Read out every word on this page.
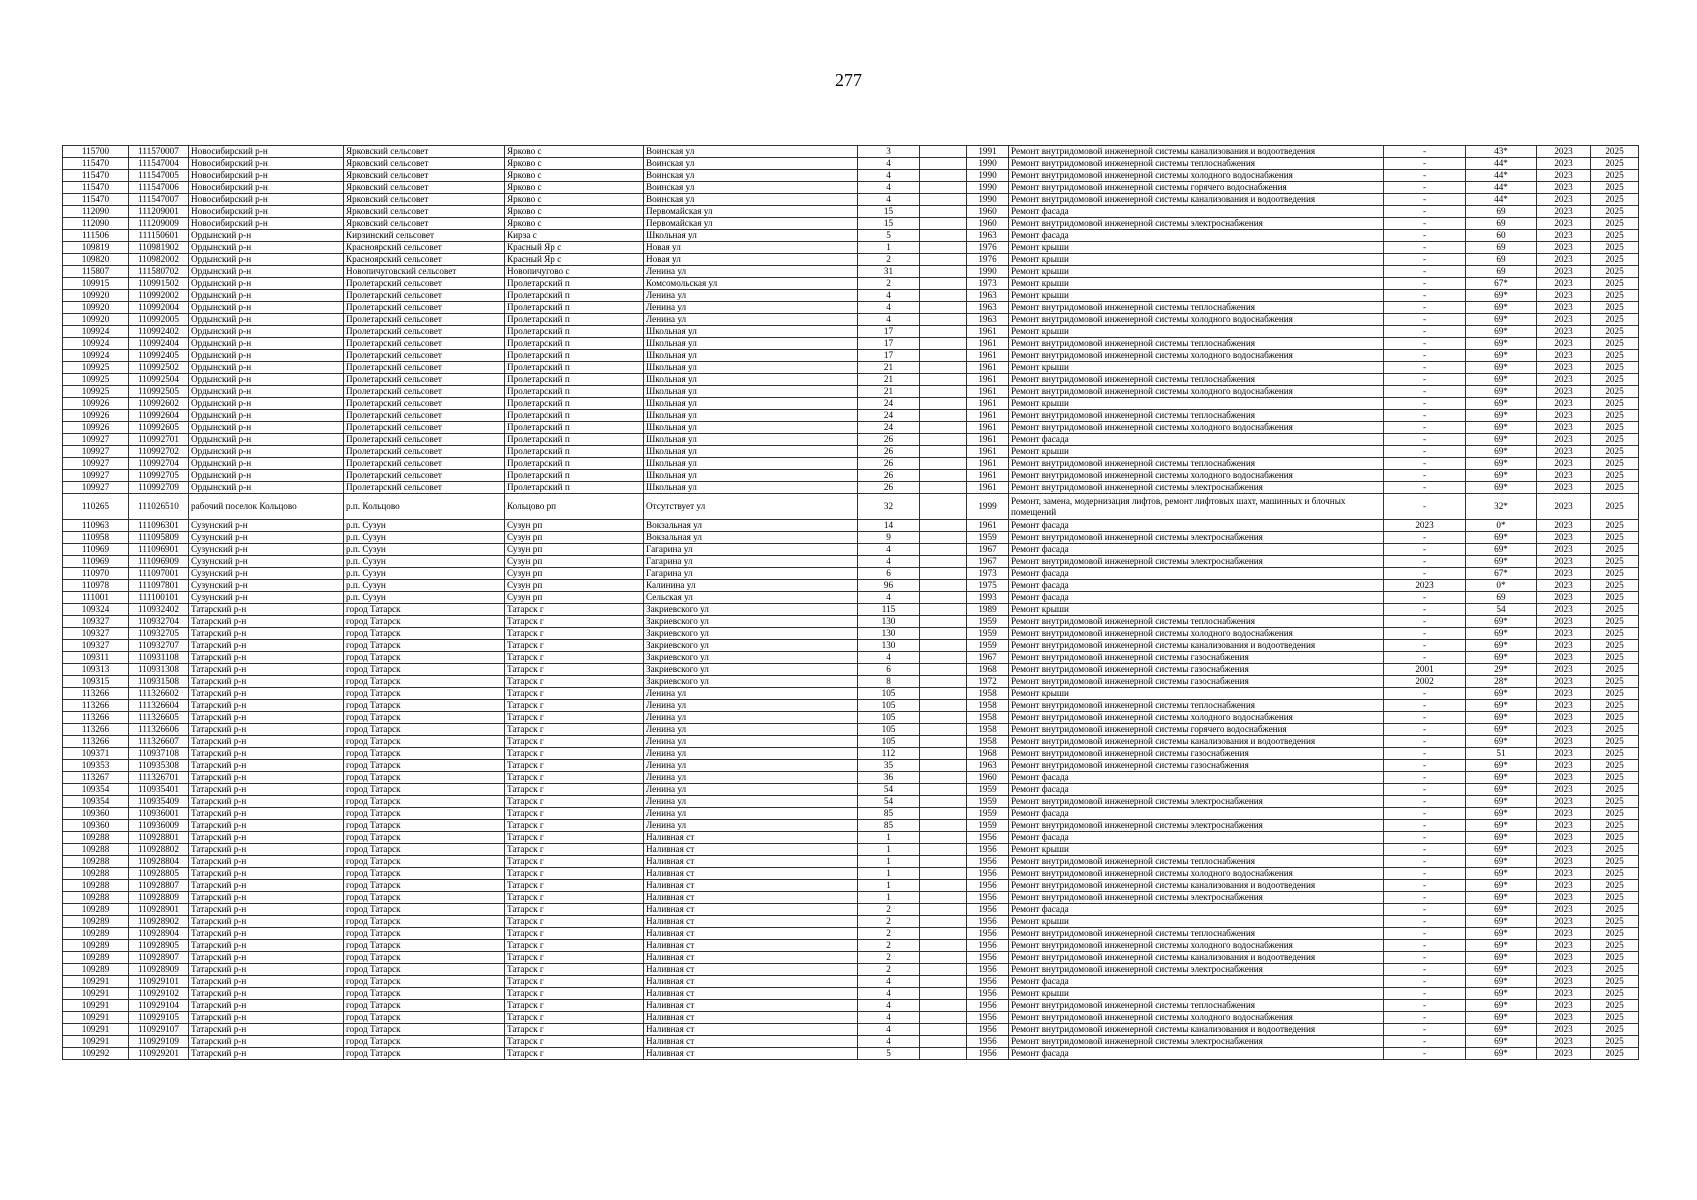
277
115700	111570007	Новосибирский р-н	Ярковский сельсовет	Ярково с	Воинская ул	3		1991	Ремонт внутридомовой инженерной системы канализования и водоотведения	-	43*	2023	2025
115470	111547004	Новосибирский р-н	Ярковский сельсовет	Ярково с	Воинская ул	4		1990	Ремонт внутридомовой инженерной системы теплоснабжения	-	44*	2023	2025
115470	111547005	Новосибирский р-н	Ярковский сельсовет	Ярково с	Воинская ул	4		1990	Ремонт внутридомовой инженерной системы холодного водоснабжения	-	44*	2023	2025
115470	111547006	Новосибирский р-н	Ярковский сельсовет	Ярково с	Воинская ул	4		1990	Ремонт внутридомовой инженерной системы горячего водоснабжения	-	44*	2023	2025
115470	111547007	Новосибирский р-н	Ярковский сельсовет	Ярково с	Воинская ул	4		1990	Ремонт внутридомовой инженерной системы канализования и водоотведения	-	44*	2023	2025
112090	111209001	Новосибирский р-н	Ярковский сельсовет	Ярково с	Первомайская ул	15		1960	Ремонт фасада	-	69	2023	2025
112090	111209009	Новосибирский р-н	Ярковский сельсовет	Ярково с	Первомайская ул	15		1960	Ремонт внутридомовой инженерной системы электроснабжения	-	69	2023	2025
111506	111150601	Ордынский р-н	Кирзинский сельсовет	Кирза с	Школьная ул	5		1963	Ремонт фасада	-	60	2023	2025
109819	110981902	Ордынский р-н	Красноярский сельсовет	Красный Яр с	Новая ул	1		1976	Ремонт крыши	-	69	2023	2025
109820	110982002	Ордынский р-н	Красноярский сельсовет	Красный Яр с	Новая ул	2		1976	Ремонт крыши	-	69	2023	2025
115807	111580702	Ордынский р-н	Новопичуговский сельсовет	Новопичугово с	Ленина ул	31		1990	Ремонт крыши	-	69	2023	2025
109915	110991502	Ордынский р-н	Пролетарский сельсовет	Пролетарский п	Комсомольская ул	2		1973	Ремонт крыши	-	67*	2023	2025
109920	110992002	Ордынский р-н	Пролетарский сельсовет	Пролетарский п	Ленина ул	4		1963	Ремонт крыши	-	69*	2023	2025
109920	110992004	Ордынский р-н	Пролетарский сельсовет	Пролетарский п	Ленина ул	4		1963	Ремонт внутридомовой инженерной системы теплоснабжения	-	69*	2023	2025
109920	110992005	Ордынский р-н	Пролетарский сельсовет	Пролетарский п	Ленина ул	4		1963	Ремонт внутридомовой инженерной системы холодного водоснабжения	-	69*	2023	2025
109924	110992402	Ордынский р-н	Пролетарский сельсовет	Пролетарский п	Школьная ул	17		1961	Ремонт крыши	-	69*	2023	2025
109924	110992404	Ордынский р-н	Пролетарский сельсовет	Пролетарский п	Школьная ул	17		1961	Ремонт внутридомовой инженерной системы теплоснабжения	-	69*	2023	2025
109924	110992405	Ордынский р-н	Пролетарский сельсовет	Пролетарский п	Школьная ул	17		1961	Ремонт внутридомовой инженерной системы холодного водоснабжения	-	69*	2023	2025
109925	110992502	Ордынский р-н	Пролетарский сельсовет	Пролетарский п	Школьная ул	21		1961	Ремонт крыши	-	69*	2023	2025
109925	110992504	Ордынский р-н	Пролетарский сельсовет	Пролетарский п	Школьная ул	21		1961	Ремонт внутридомовой инженерной системы теплоснабжения	-	69*	2023	2025
109925	110992505	Ордынский р-н	Пролетарский сельсовет	Пролетарский п	Школьная ул	21		1961	Ремонт внутридомовой инженерной системы холодного водоснабжения	-	69*	2023	2025
109926	110992602	Ордынский р-н	Пролетарский сельсовет	Пролетарский п	Школьная ул	24		1961	Ремонт крыши	-	69*	2023	2025
109926	110992604	Ордынский р-н	Пролетарский сельсовет	Пролетарский п	Школьная ул	24		1961	Ремонт внутридомовой инженерной системы теплоснабжения	-	69*	2023	2025
109926	110992605	Ордынский р-н	Пролетарский сельсовет	Пролетарский п	Школьная ул	24		1961	Ремонт внутридомовой инженерной системы холодного водоснабжения	-	69*	2023	2025
109927	110992701	Ордынский р-н	Пролетарский сельсовет	Пролетарский п	Школьная ул	26		1961	Ремонт фасада	-	69*	2023	2025
109927	110992702	Ордынский р-н	Пролетарский сельсовет	Пролетарский п	Школьная ул	26		1961	Ремонт крыши	-	69*	2023	2025
109927	110992704	Ордынский р-н	Пролетарский сельсовет	Пролетарский п	Школьная ул	26		1961	Ремонт внутридомовой инженерной системы теплоснабжения	-	69*	2023	2025
109927	110992705	Ордынский р-н	Пролетарский сельсовет	Пролетарский п	Школьная ул	26		1961	Ремонт внутридомовой инженерной системы холодного водоснабжения	-	69*	2023	2025
109927	110992709	Ордынский р-н	Пролетарский сельсовет	Пролетарский п	Школьная ул	26		1961	Ремонт внутридомовой инженерной системы электроснабжения	-	69*	2023	2025
110265	111026510	рабочий поселок Кольцово	р.п. Кольцово	Кольцово рп	Отсутствует ул	32		1999	Ремонт, замена, модернизация лифтов, ремонт лифтовых шахт, машинных и блочных помещений	-	32*	2023	2025
110963	111096301	Сузунский р-н	р.п. Сузун	Сузун рп	Вокзальная ул	14		1961	Ремонт фасада	2023	0*	2023	2025
110958	111095809	Сузунский р-н	р.п. Сузун	Сузун рп	Вокзальная ул	9		1959	Ремонт внутридомовой инженерной системы электроснабжения	-	69*	2023	2025
110969	111096901	Сузунский р-н	р.п. Сузун	Сузун рп	Гагарина ул	4		1967	Ремонт фасада	-	69*	2023	2025
110969	111096909	Сузунский р-н	р.п. Сузун	Сузун рп	Гагарина ул	4		1967	Ремонт внутридомовой инженерной системы электроснабжения	-	69*	2023	2025
110970	111097001	Сузунский р-н	р.п. Сузун	Сузун рп	Гагарина ул	6		1973	Ремонт фасада	-	67*	2023	2025
110978	111097801	Сузунский р-н	р.п. Сузун	Сузун рп	Калинина ул	96		1975	Ремонт фасада	2023	0*	2023	2025
111001	111100101	Сузунский р-н	р.п. Сузун	Сузун рп	Сельская ул	4		1993	Ремонт фасада	-	69	2023	2025
109324	110932402	Татарский р-н	город Татарск	Татарск г	Закриевского ул	115		1989	Ремонт крыши	-	54	2023	2025
109327	110932704	Татарский р-н	город Татарск	Татарск г	Закриевского ул	130		1959	Ремонт внутридомовой инженерной системы теплоснабжения	-	69*	2023	2025
109327	110932705	Татарский р-н	город Татарск	Татарск г	Закриевского ул	130		1959	Ремонт внутридомовой инженерной системы холодного водоснабжения	-	69*	2023	2025
109327	110932707	Татарский р-н	город Татарск	Татарск г	Закриевского ул	130		1959	Ремонт внутридомовой инженерной системы канализования и водоотведения	-	69*	2023	2025
109311	110931108	Татарский р-н	город Татарск	Татарск г	Закриевского ул	4		1967	Ремонт внутридомовой инженерной системы газоснабжения	-	69*	2023	2025
109313	110931308	Татарский р-н	город Татарск	Татарск г	Закриевского ул	6		1968	Ремонт внутридомовой инженерной системы газоснабжения	2001	29*	2023	2025
109315	110931508	Татарский р-н	город Татарск	Татарск г	Закриевского ул	8		1972	Ремонт внутридомовой инженерной системы газоснабжения	2002	28*	2023	2025
113266	111326602	Татарский р-н	город Татарск	Татарск г	Ленина ул	105		1958	Ремонт крыши	-	69*	2023	2025
113266	111326604	Татарский р-н	город Татарск	Татарск г	Ленина ул	105		1958	Ремонт внутридомовой инженерной системы теплоснабжения	-	69*	2023	2025
113266	111326605	Татарский р-н	город Татарск	Татарск г	Ленина ул	105		1958	Ремонт внутридомовой инженерной системы холодного водоснабжения	-	69*	2023	2025
113266	111326606	Татарский р-н	город Татарск	Татарск г	Ленина ул	105		1958	Ремонт внутридомовой инженерной системы горячего водоснабжения	-	69*	2023	2025
113266	111326607	Татарский р-н	город Татарск	Татарск г	Ленина ул	105		1958	Ремонт внутридомовой инженерной системы канализования и водоотведения	-	69*	2023	2025
109371	110937108	Татарский р-н	город Татарск	Татарск г	Ленина ул	112		1968	Ремонт внутридомовой инженерной системы газоснабжения	-	51	2023	2025
109353	110935308	Татарский р-н	город Татарск	Татарск г	Ленина ул	35		1963	Ремонт внутридомовой инженерной системы газоснабжения	-	69*	2023	2025
113267	111326701	Татарский р-н	город Татарск	Татарск г	Ленина ул	36		1960	Ремонт фасада	-	69*	2023	2025
109354	110935401	Татарский р-н	город Татарск	Татарск г	Ленина ул	54		1959	Ремонт фасада	-	69*	2023	2025
109354	110935409	Татарский р-н	город Татарск	Татарск г	Ленина ул	54		1959	Ремонт внутридомовой инженерной системы электроснабжения	-	69*	2023	2025
109360	110936001	Татарский р-н	город Татарск	Татарск г	Ленина ул	85		1959	Ремонт фасада	-	69*	2023	2025
109360	110936009	Татарский р-н	город Татарск	Татарск г	Ленина ул	85		1959	Ремонт внутридомовой инженерной системы электроснабжения	-	69*	2023	2025
109288	110928801	Татарский р-н	город Татарск	Татарск г	Наливная ст	1		1956	Ремонт фасада	-	69*	2023	2025
109288	110928802	Татарский р-н	город Татарск	Татарск г	Наливная ст	1		1956	Ремонт крыши	-	69*	2023	2025
109288	110928804	Татарский р-н	город Татарск	Татарск г	Наливная ст	1		1956	Ремонт внутридомовой инженерной системы теплоснабжения	-	69*	2023	2025
109288	110928805	Татарский р-н	город Татарск	Татарск г	Наливная ст	1		1956	Ремонт внутридомовой инженерной системы холодного водоснабжения	-	69*	2023	2025
109288	110928807	Татарский р-н	город Татарск	Татарск г	Наливная ст	1		1956	Ремонт внутридомовой инженерной системы канализования и водоотведения	-	69*	2023	2025
109288	110928809	Татарский р-н	город Татарск	Татарск г	Наливная ст	1		1956	Ремонт внутридомовой инженерной системы электроснабжения	-	69*	2023	2025
109289	110928901	Татарский р-н	город Татарск	Татарск г	Наливная ст	2		1956	Ремонт фасада	-	69*	2023	2025
109289	110928902	Татарский р-н	город Татарск	Татарск г	Наливная ст	2		1956	Ремонт крыши	-	69*	2023	2025
109289	110928904	Татарский р-н	город Татарск	Татарск г	Наливная ст	2		1956	Ремонт внутридомовой инженерной системы теплоснабжения	-	69*	2023	2025
109289	110928905	Татарский р-н	город Татарск	Татарск г	Наливная ст	2		1956	Ремонт внутридомовой инженерной системы холодного водоснабжения	-	69*	2023	2025
109289	110928907	Татарский р-н	город Татарск	Татарск г	Наливная ст	2		1956	Ремонт внутридомовой инженерной системы канализования и водоотведения	-	69*	2023	2025
109289	110928909	Татарский р-н	город Татарск	Татарск г	Наливная ст	2		1956	Ремонт внутридомовой инженерной системы электроснабжения	-	69*	2023	2025
109291	110929101	Татарский р-н	город Татарск	Татарск г	Наливная ст	4		1956	Ремонт фасада	-	69*	2023	2025
109291	110929102	Татарский р-н	город Татарск	Татарск г	Наливная ст	4		1956	Ремонт крыши	-	69*	2023	2025
109291	110929104	Татарский р-н	город Татарск	Татарск г	Наливная ст	4		1956	Ремонт внутридомовой инженерной системы теплоснабжения	-	69*	2023	2025
109291	110929105	Татарский р-н	город Татарск	Татарск г	Наливная ст	4		1956	Ремонт внутридомовой инженерной системы холодного водоснабжения	-	69*	2023	2025
109291	110929107	Татарский р-н	город Татарск	Татарск г	Наливная ст	4		1956	Ремонт внутридомовой инженерной системы канализования и водоотведения	-	69*	2023	2025
109291	110929109	Татарский р-н	город Татарск	Татарск г	Наливная ст	4		1956	Ремонт внутридомовой инженерной системы электроснабжения	-	69*	2023	2025
109292	110929201	Татарский р-н	город Татарск	Татарск г	Наливная ст	5		1956	Ремонт фасада	-	69*	2023	2025
